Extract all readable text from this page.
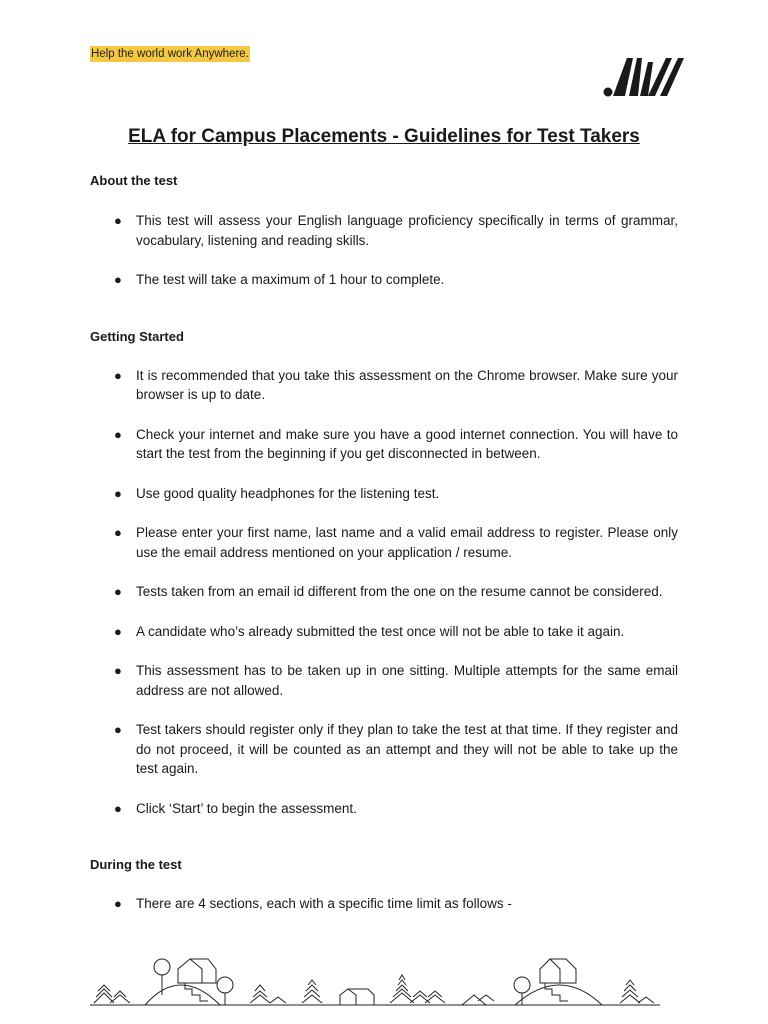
Help the world work Anywhere.
ELA for Campus Placements - Guidelines for Test Takers

About the test

● This test will assess your English language proficiency specifically in terms of grammar, vocabulary, listening and reading skills.
● The test will take a maximum of 1 hour to complete.

Getting Started

● It is recommended that you take this assessment on the Chrome browser. Make sure your browser is up to date.
● Check your internet and make sure you have a good internet connection. You will have to start the test from the beginning if you get disconnected in between.
● Use good quality headphones for the listening test.
● Please enter your first name, last name and a valid email address to register. Please only use the email address mentioned on your application / resume.
● Tests taken from an email id different from the one on the resume cannot be considered.
● A candidate who’s already submitted the test once will not be able to take it again.
● This assessment has to be taken up in one sitting. Multiple attempts for the same email address are not allowed.
● Test takers should register only if they plan to take the test at that time. If they register and do not proceed, it will be counted as an attempt and they will not be able to take up the test again.
● Click ‘Start’ to begin the assessment.

During the test

● There are 4 sections, each with a specific time limit as follows -
